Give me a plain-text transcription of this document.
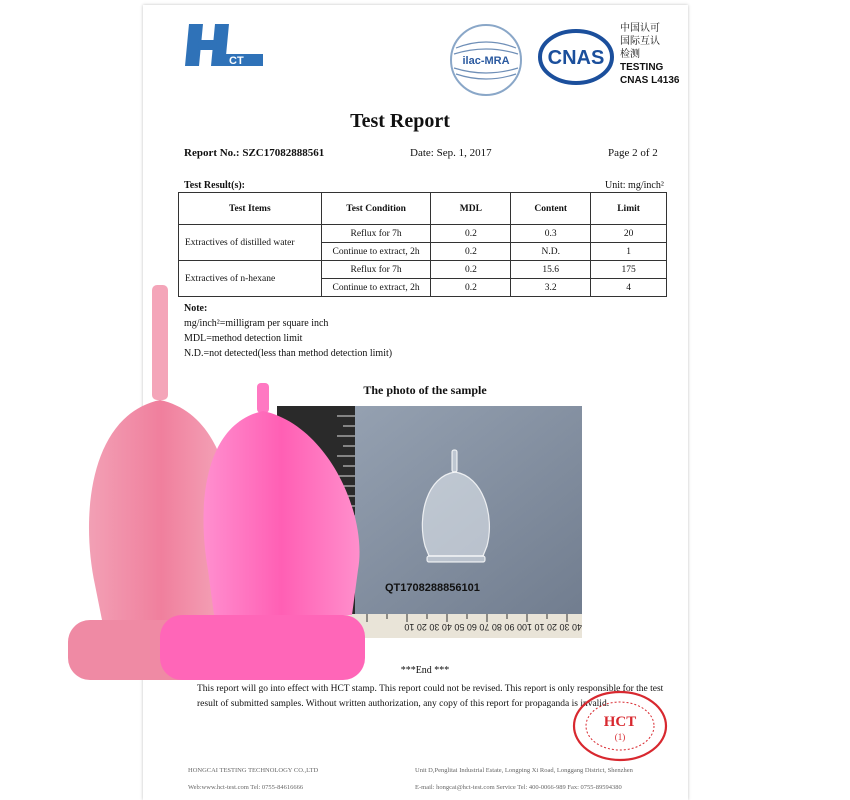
CT	ilac-MRA CNAS
中国认可
国际互认
检测
TESTING
CNAS L4136
Test Report
Report No.: SZC17082888561	Date: Sep. 1, 2017	Page 2 of 2
Test Result(s):	Unit: mg/inch²
Test Items	Test Condition	MDL	Content	Limit
Extractives of distilled water	Reflux for 7h	0.2	0.3	20
	Continue to extract, 2h	0.2	N.D.	1
Extractives of n-hexane	Reflux for 7h	0.2	15.6	175
	Continue to extract, 2h	0.2	3.2	4
Note:
mg/inch²=milligram per square inch
MDL=method detection limit
N.D.=not detected(less than method detection limit)
The photo of the sample
40 30 20 10 100 90 80 70 60 50 40 30 20 10
QT1708288856101
***End ***
This report will go into effect with HCT stamp. This report could not be revised. This report is only responsible for the test result of submitted samples. Without written authorization, any copy of this report for propaganda is invalid.
HCT
(1)
HONGCAI TESTING TECHNOLOGY CO.,LTD	Unit D,Penglitai Industrial Estate, Longping Xi Road, Longgang District, Shenzhen
Web:www.hct-test.com Tel: 0755-84616666	E-mail: hongcai@hct-test.com Service Tel: 400-0066-989 Fax: 0755-89594380
